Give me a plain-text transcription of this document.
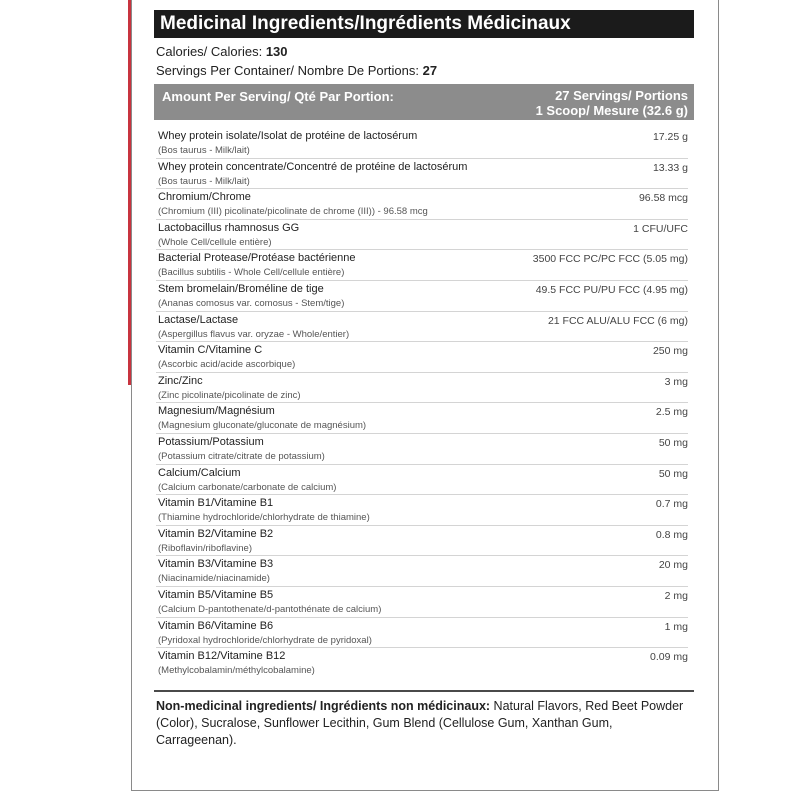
Medicinal Ingredients/Ingrédients Médicinaux
Calories/ Calories: 130
Servings Per Container/ Nombre De Portions: 27
Amount Per Serving/ Qté Par Portion:	27 Servings/ Portions
1 Scoop/ Mesure (32.6 g)
Whey protein isolate/Isolat de protéine de lactosérum
(Bos taurus - Milk/lait)
17.25 g
Whey protein concentrate/Concentré de protéine de lactosérum
(Bos taurus - Milk/lait)
13.33 g
Chromium/Chrome
(Chromium (III) picolinate/picolinate de chrome (III)) - 96.58 mcg
96.58 mcg
Lactobacillus rhamnosus GG
(Whole Cell/cellule entière)
1 CFU/UFC
Bacterial Protease/Protéase bactérienne
(Bacillus subtilis - Whole Cell/cellule entière)
3500 FCC PC/PC FCC (5.05 mg)
Stem bromelain/Broméline de tige
(Ananas comosus var. comosus - Stem/tige)
49.5 FCC PU/PU FCC (4.95 mg)
Lactase/Lactase
(Aspergillus flavus var. oryzae - Whole/entier)
21 FCC ALU/ALU FCC (6 mg)
Vitamin C/Vitamine C
(Ascorbic acid/acide ascorbique)
250 mg
Zinc/Zinc
(Zinc picolinate/picolinate de zinc)
3 mg
Magnesium/Magnésium
(Magnesium gluconate/gluconate de magnésium)
2.5 mg
Potassium/Potassium
(Potassium citrate/citrate de potassium)
50 mg
Calcium/Calcium
(Calcium carbonate/carbonate de calcium)
50 mg
Vitamin B1/Vitamine B1
(Thiamine hydrochloride/chlorhydrate de thiamine)
0.7 mg
Vitamin B2/Vitamine B2
(Riboflavin/riboflavine)
0.8 mg
Vitamin B3/Vitamine B3
(Niacinamide/niacinamide)
20 mg
Vitamin B5/Vitamine B5
(Calcium D-pantothenate/d-pantothénate de calcium)
2 mg
Vitamin B6/Vitamine B6
(Pyridoxal hydrochloride/chlorhydrate de pyridoxal)
1 mg
Vitamin B12/Vitamine B12
(Methylcobalamin/méthylcobalamine)
0.09 mg
Non-medicinal ingredients/ Ingrédients non médicinaux: Natural Flavors, Red Beet Powder (Color), Sucralose, Sunflower Lecithin, Gum Blend (Cellulose Gum, Xanthan Gum, Carrageenan).
